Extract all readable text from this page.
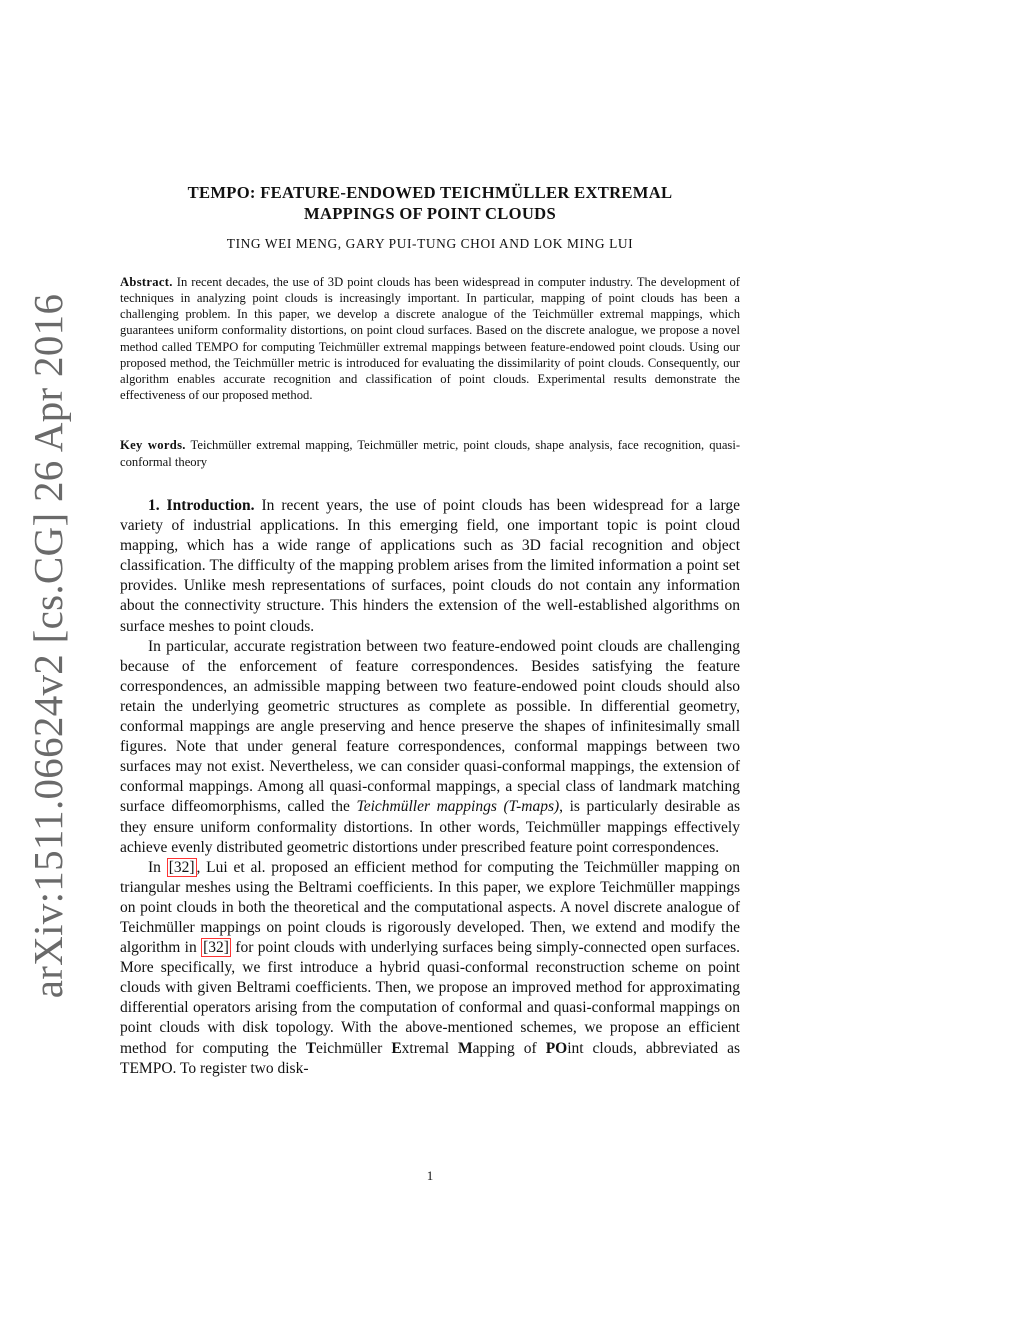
arXiv:1511.06624v2 [cs.CG] 26 Apr 2016
TEMPO: FEATURE-ENDOWED TEICHMÜLLER EXTREMAL
MAPPINGS OF POINT CLOUDS
TING WEI MENG, GARY PUI-TUNG CHOI AND LOK MING LUI
Abstract. In recent decades, the use of 3D point clouds has been widespread in computer industry. The development of techniques in analyzing point clouds is increasingly important. In particular, mapping of point clouds has been a challenging problem. In this paper, we develop a discrete analogue of the Teichmüller extremal mappings, which guarantees uniform conformality distortions, on point cloud surfaces. Based on the discrete analogue, we propose a novel method called TEMPO for computing Teichmüller extremal mappings between feature-endowed point clouds. Using our proposed method, the Teichmüller metric is introduced for evaluating the dissimilarity of point clouds. Consequently, our algorithm enables accurate recognition and classification of point clouds. Experimental results demonstrate the effectiveness of our proposed method.
Key words. Teichmüller extremal mapping, Teichmüller metric, point clouds, shape analysis, face recognition, quasi-conformal theory

1. Introduction. In recent years, the use of point clouds has been widespread for a large variety of industrial applications. In this emerging field, one important topic is point cloud mapping, which has a wide range of applications such as 3D facial recognition and object classification. The difficulty of the mapping problem arises from the limited information a point set provides. Unlike mesh representations of surfaces, point clouds do not contain any information about the connectivity structure. This hinders the extension of the well-established algorithms on surface meshes to point clouds.

In particular, accurate registration between two feature-endowed point clouds are challenging because of the enforcement of feature correspondences. Besides satisfying the feature correspondences, an admissible mapping between two feature-endowed point clouds should also retain the underlying geometric structures as complete as possible. In differential geometry, conformal mappings are angle preserving and hence preserve the shapes of infinitesimally small figures. Note that under general feature correspondences, conformal mappings between two surfaces may not exist. Nevertheless, we can consider quasi-conformal mappings, the extension of conformal mappings. Among all quasi-conformal mappings, a special class of landmark matching surface diffeomorphisms, called the Teichmüller mappings (T-maps), is particularly desirable as they ensure uniform conformality distortions. In other words, Teichmüller mappings effectively achieve evenly distributed geometric distortions under prescribed feature point correspondences.

In [32] , Lui et al. proposed an efficient method for computing the Teichmüller mapping on triangular meshes using the Beltrami coefficients. In this paper, we explore Teichmüller mappings on point clouds in both the theoretical and the computational aspects. A novel discrete analogue of Teichmüller mappings on point clouds is rigorously developed. Then, we extend and modify the algorithm in [32] for point clouds with underlying surfaces being simply-connected open surfaces. More specifically, we first introduce a hybrid quasi-conformal reconstruction scheme on point clouds with given Beltrami coefficients. Then, we propose an improved method for approximating differential operators arising from the computation of conformal and quasi-conformal mappings on point clouds with disk topology. With the above-mentioned schemes, we propose an efficient method for computing the Teichmüller Extremal Mapping of POint clouds, abbreviated as TEMPO. To register two disk-

1
